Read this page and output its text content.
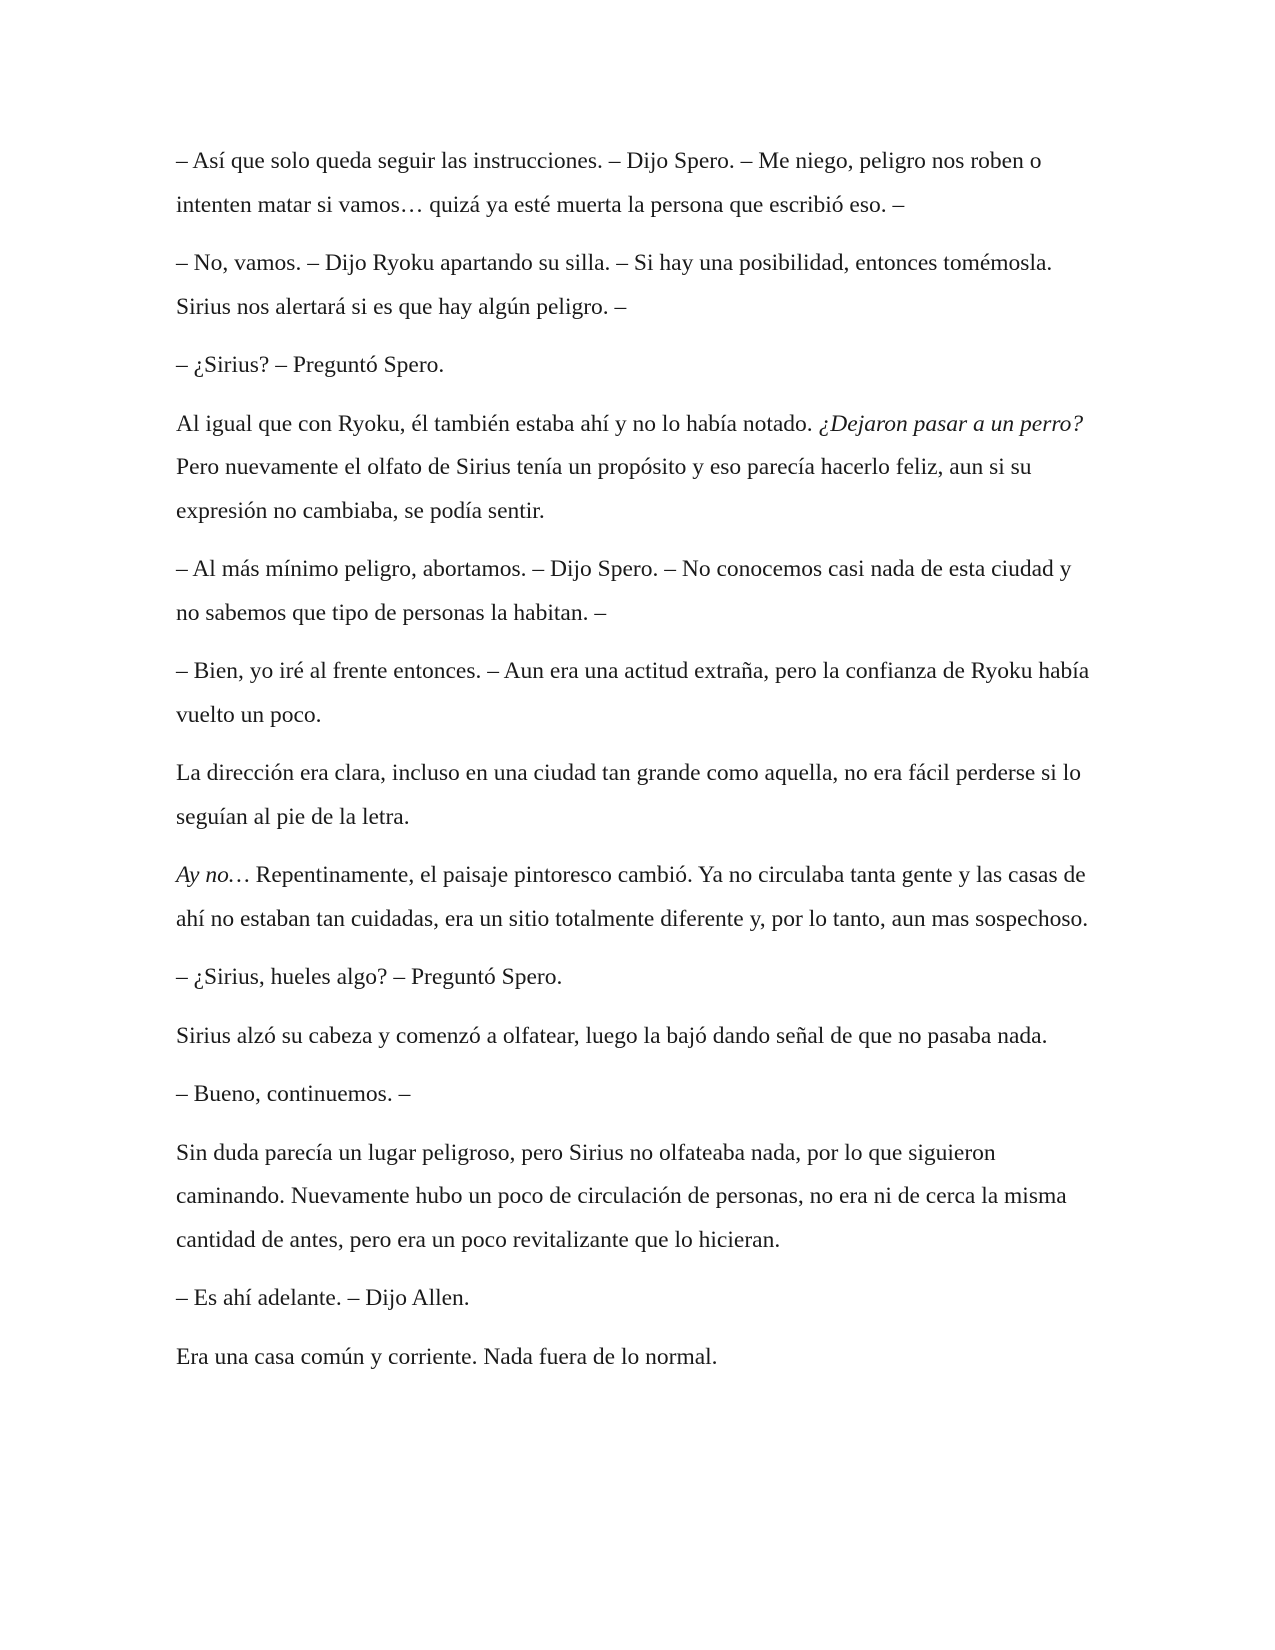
– Así que solo queda seguir las instrucciones. – Dijo Spero. – Me niego, peligro nos roben o intenten matar si vamos… quizá ya esté muerta la persona que escribió eso. –

– No, vamos. – Dijo Ryoku apartando su silla. – Si hay una posibilidad, entonces tomémosla. Sirius nos alertará si es que hay algún peligro. –

– ¿Sirius? – Preguntó Spero.

Al igual que con Ryoku, él también estaba ahí y no lo había notado. ¿Dejaron pasar a un perro? Pero nuevamente el olfato de Sirius tenía un propósito y eso parecía hacerlo feliz, aun si su expresión no cambiaba, se podía sentir.

– Al más mínimo peligro, abortamos. – Dijo Spero. – No conocemos casi nada de esta ciudad y no sabemos que tipo de personas la habitan. –

– Bien, yo iré al frente entonces. – Aun era una actitud extraña, pero la confianza de Ryoku había vuelto un poco.

La dirección era clara, incluso en una ciudad tan grande como aquella, no era fácil perderse si lo seguían al pie de la letra.

Ay no… Repentinamente, el paisaje pintoresco cambió. Ya no circulaba tanta gente y las casas de ahí no estaban tan cuidadas, era un sitio totalmente diferente y, por lo tanto, aun mas sospechoso.

– ¿Sirius, hueles algo? – Preguntó Spero.

Sirius alzó su cabeza y comenzó a olfatear, luego la bajó dando señal de que no pasaba nada.

– Bueno, continuemos. –

Sin duda parecía un lugar peligroso, pero Sirius no olfateaba nada, por lo que siguieron caminando. Nuevamente hubo un poco de circulación de personas, no era ni de cerca la misma cantidad de antes, pero era un poco revitalizante que lo hicieran.

– Es ahí adelante. – Dijo Allen.

Era una casa común y corriente. Nada fuera de lo normal.
